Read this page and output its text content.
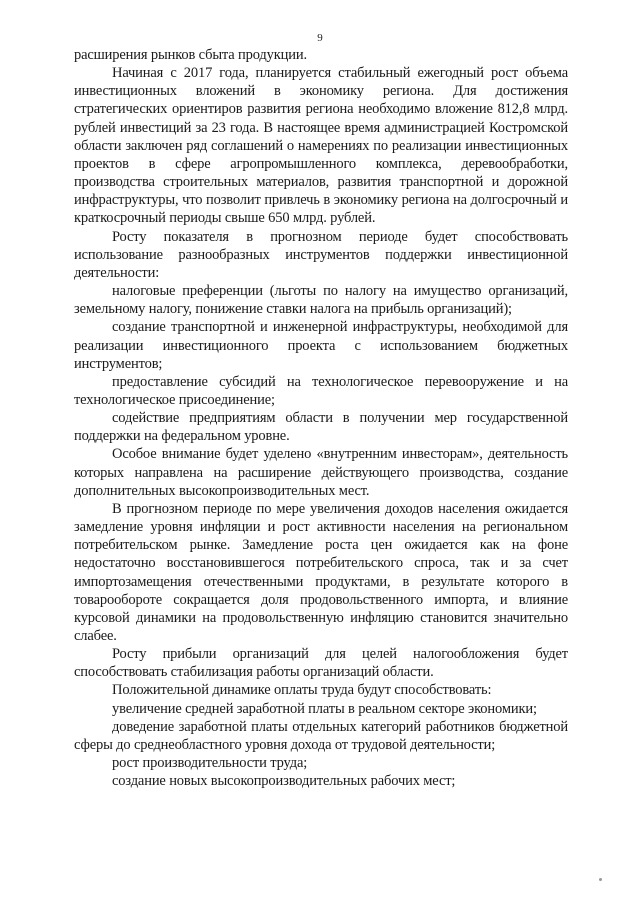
9

расширения рынков сбыта продукции.

Начиная с 2017 года, планируется стабильный ежегодный рост объема инвестиционных вложений в экономику региона. Для достижения стратегических ориентиров развития региона необходимо вложение 812,8 млрд. рублей инвестиций за 23 года. В настоящее время администрацией Костромской области заключен ряд соглашений о намерениях по реализации инвестиционных проектов в сфере агропромышленного комплекса, деревообработки, производства строительных материалов, развития транспортной и дорожной инфраструктуры, что позволит привлечь в экономику региона на долгосрочный и краткосрочный периоды свыше 650 млрд. рублей.

Росту показателя в прогнозном периоде будет способствовать использование разнообразных инструментов поддержки инвестиционной деятельности:

налоговые преференции (льготы по налогу на имущество организаций, земельному налогу, понижение ставки налога на прибыль организаций);

создание транспортной и инженерной инфраструктуры, необходимой для реализации инвестиционного проекта с использованием бюджетных инструментов;

предоставление субсидий на технологическое перевооружение и на технологическое присоединение;

содействие предприятиям области в получении мер государственной поддержки на федеральном уровне.

Особое внимание будет уделено «внутренним инвесторам», деятельность которых направлена на расширение действующего производства, создание дополнительных высокопроизводительных мест.

В прогнозном периоде по мере увеличения доходов населения ожидается замедление уровня инфляции и рост активности населения на региональном потребительском рынке. Замедление роста цен ожидается как на фоне недостаточно восстановившегося потребительского спроса, так и за счет импортозамещения отечественными продуктами, в результате которого в товарообороте сокращается доля продовольственного импорта, и влияние курсовой динамики на продовольственную инфляцию становится значительно слабее.

Росту прибыли организаций для целей налогообложения будет способствовать стабилизация работы организаций области.

Положительной динамике оплаты труда будут способствовать:

увеличение средней заработной платы в реальном секторе экономики;

доведение заработной платы отдельных категорий работников бюджетной сферы до среднеобластного уровня дохода от трудовой деятельности;

рост производительности труда;

создание новых высокопроизводительных рабочих мест;
